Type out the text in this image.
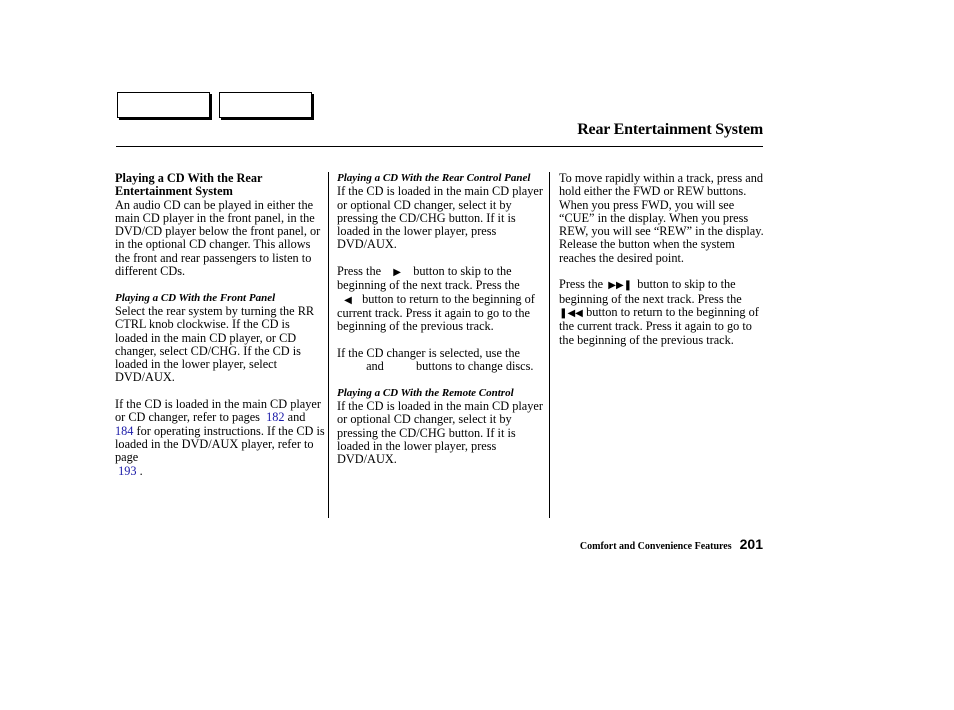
Rear Entertainment System

Playing a CD With the Rear Entertainment System

An audio CD can be played in either the main CD player in the front panel, in the DVD/CD player below the front panel, or in the optional CD changer. This allows the front and rear passengers to listen to different CDs.

Playing a CD With the Front Panel

Select the rear system by turning the RR CTRL knob clockwise. If the CD is loaded in the main CD player, or CD changer, select CD/CHG. If the CD is loaded in the lower player, select DVD/AUX.

If the CD is loaded in the main CD player or CD changer, refer to pages 182 and 184 for operating instructions. If the CD is loaded in the DVD/AUX player, refer to page
193 .

Playing a CD With the Rear Control Panel

If the CD is loaded in the main CD player or optional CD changer, select it by pressing the CD/CHG button. If it is loaded in the lower player, press DVD/AUX.

Press the ▶ button to skip to the beginning of the next track. Press the ◀ button to return to the beginning of current track. Press it again to go to the beginning of the previous track.

If the CD changer is selected, use the  and	buttons to change discs.

Playing a CD With the Remote Control

If the CD is loaded in the main CD player or optional CD changer, select it by pressing the CD/CHG button. If it is loaded in the lower player, press DVD/AUX.

To move rapidly within a track, press and hold either the FWD or REW buttons. When you press FWD, you will see “CUE” in the display. When you press REW, you will see “REW” in the display. Release the button when the system reaches the desired point.

Press the ▶▶❚ button to skip to the beginning of the next track. Press the ❚◀◀ button to return to the beginning of the current track. Press it again to go to the beginning of the previous track.

Comfort and Convenience Features 201
